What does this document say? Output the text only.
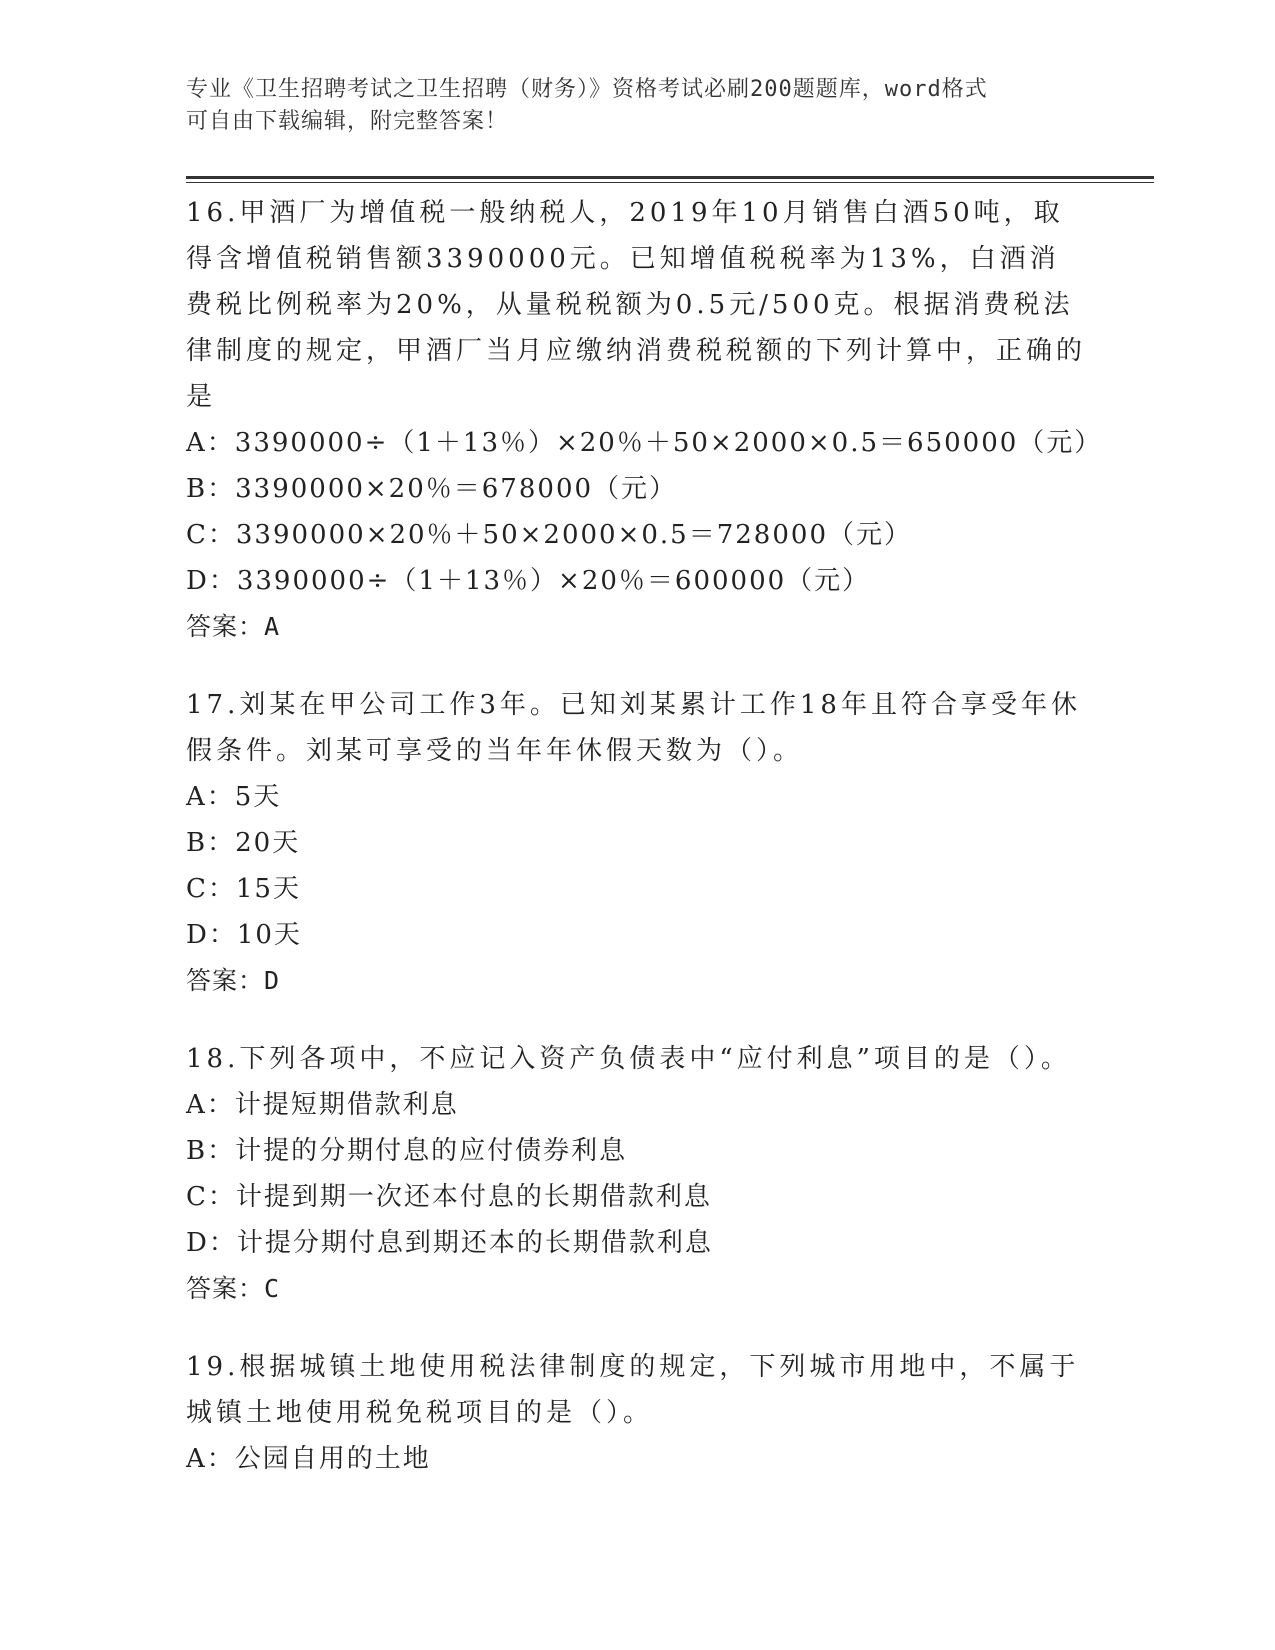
专业《卫生招聘考试之卫生招聘（财务）》资格考试必刷200题题库，word格式
可自由下载编辑，附完整答案！
16.甲酒厂为增值税一般纳税人，2019年10月销售白酒50吨，取得含增值税销售额3390000元。已知增值税税率为13%，白酒消费税比例税率为20%，从量税税额为0.5元/500克。根据消费税法律制度的规定，甲酒厂当月应缴纳消费税税额的下列计算中，正确的是
A：3390000÷（1＋13％）×20％＋50×2000×0.5＝650000（元）
B：3390000×20％＝678000（元）
C：3390000×20％＋50×2000×0.5＝728000（元）
D：3390000÷（1＋13％）×20％＝600000（元）
答案：A
17.刘某在甲公司工作3年。已知刘某累计工作18年且符合享受年休假条件。刘某可享受的当年年休假天数为（）。
A：5天
B：20天
C：15天
D：10天
答案：D
18.下列各项中，不应记入资产负债表中“应付利息”项目的是（）。
A：计提短期借款利息
B：计提的分期付息的应付债券利息
C：计提到期一次还本付息的长期借款利息
D：计提分期付息到期还本的长期借款利息
答案：C
19.根据城镇土地使用税法律制度的规定，下列城市用地中，不属于城镇土地使用税免税项目的是（）。
A：公园自用的土地
